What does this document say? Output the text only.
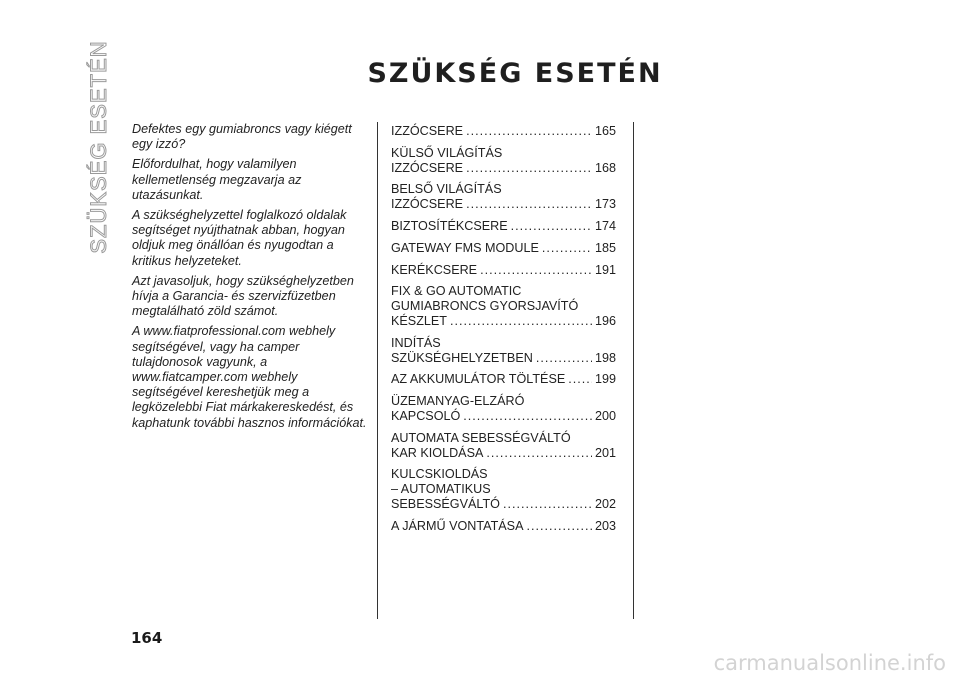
SZÜKSÉG ESETÉN	SZÜKSÉG ESETÉN

Defektes egy gumiabroncs vagy kiégett egy izzó?

Előfordulhat, hogy valamilyen kellemetlenség megzavarja az utazásunkat.

A szükséghelyzettel foglalkozó oldalak segítséget nyújthatnak abban, hogyan oldjuk meg önállóan és nyugodtan a kritikus helyzeteket.

Azt javasoljuk, hogy szükséghelyzetben hívja a Garancia- és szervizfüzetben megtalálható zöld számot.

A www.fiatprofessional.com webhely segítségével, vagy ha camper tulajdonosok vagyunk, a www.fiatcamper.com webhely segítségével kereshetjük meg a legközelebbi Fiat márkakereskedést, és kaphatunk további hasznos információkat.

IZZÓCSERE .....	165
KÜLSŐ VILÁGÍTÁS
IZZÓCSERE .....	168
BELSŐ VILÁGÍTÁS
IZZÓCSERE .....	173
BIZTOSÍTÉKCSERE .....	174
GATEWAY FMS MODULE .....	185
KERÉKCSERE .....	191
FIX & GO AUTOMATIC
GUMIABRONCS GYORSJAVÍTÓ
KÉSZLET .....	196
INDÍTÁS
SZÜKSÉGHELYZETBEN .....	198
AZ AKKUMULÁTOR TÖLTÉSE ..... 199
ÜZEMANYAG-ELZÁRÓ
KAPCSOLÓ .....	200
AUTOMATA SEBESSÉGVÁLTÓ
KAR KIOLDÁSA .....	201
KULCSKIOLDÁS
– AUTOMATIKUS
SEBESSÉGVÁLTÓ .....	202
A JÁRMŰ VONTATÁSA .....	203
164
carmanualsonline.info
